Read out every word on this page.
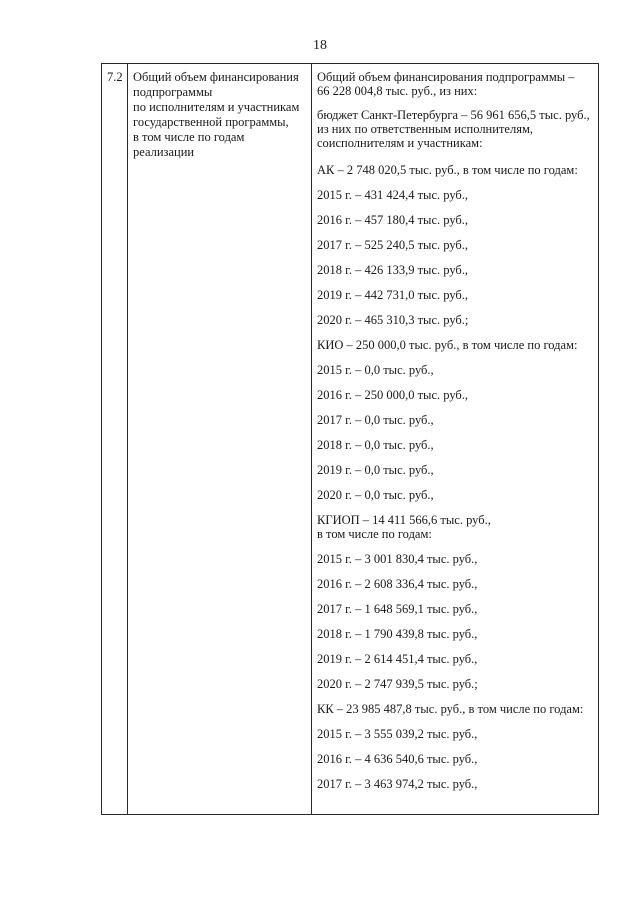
18
7.2 Общий объем финансирования
подпрограммы
по исполнителям и участникам
государственной программы,
в том числе по годам
реализации
Общий объем финансирования подпрограммы –
66 228 004,8 тыс. руб., из них:
бюджет Санкт-Петербурга – 56 961 656,5 тыс. руб.,
из них по ответственным исполнителям,
соисполнителям и участникам:
АК – 2 748 020,5 тыс. руб., в том числе по годам:
2015 г. – 431 424,4 тыс. руб.,
2016 г. – 457 180,4 тыс. руб.,
2017 г. – 525 240,5 тыс. руб.,
2018 г. – 426 133,9 тыс. руб.,
2019 г. – 442 731,0 тыс. руб.,
2020 г. – 465 310,3 тыс. руб.;
КИО – 250 000,0 тыс. руб., в том числе по годам:
2015 г. – 0,0 тыс. руб.,
2016 г. – 250 000,0 тыс. руб.,
2017 г. – 0,0 тыс. руб.,
2018 г. – 0,0 тыс. руб.,
2019 г. – 0,0 тыс. руб.,
2020 г. – 0,0 тыс. руб.,
КГИОП – 14 411 566,6 тыс. руб.,
в том числе по годам:
2015 г. – 3 001 830,4 тыс. руб.,
2016 г. – 2 608 336,4 тыс. руб.,
2017 г. – 1 648 569,1 тыс. руб.,
2018 г. – 1 790 439,8 тыс. руб.,
2019 г. – 2 614 451,4 тыс. руб.,
2020 г. – 2 747 939,5 тыс. руб.;
КК – 23 985 487,8 тыс. руб., в том числе по годам:
2015 г. – 3 555 039,2 тыс. руб.,
2016 г. – 4 636 540,6 тыс. руб.,
2017 г. – 3 463 974,2 тыс. руб.,
